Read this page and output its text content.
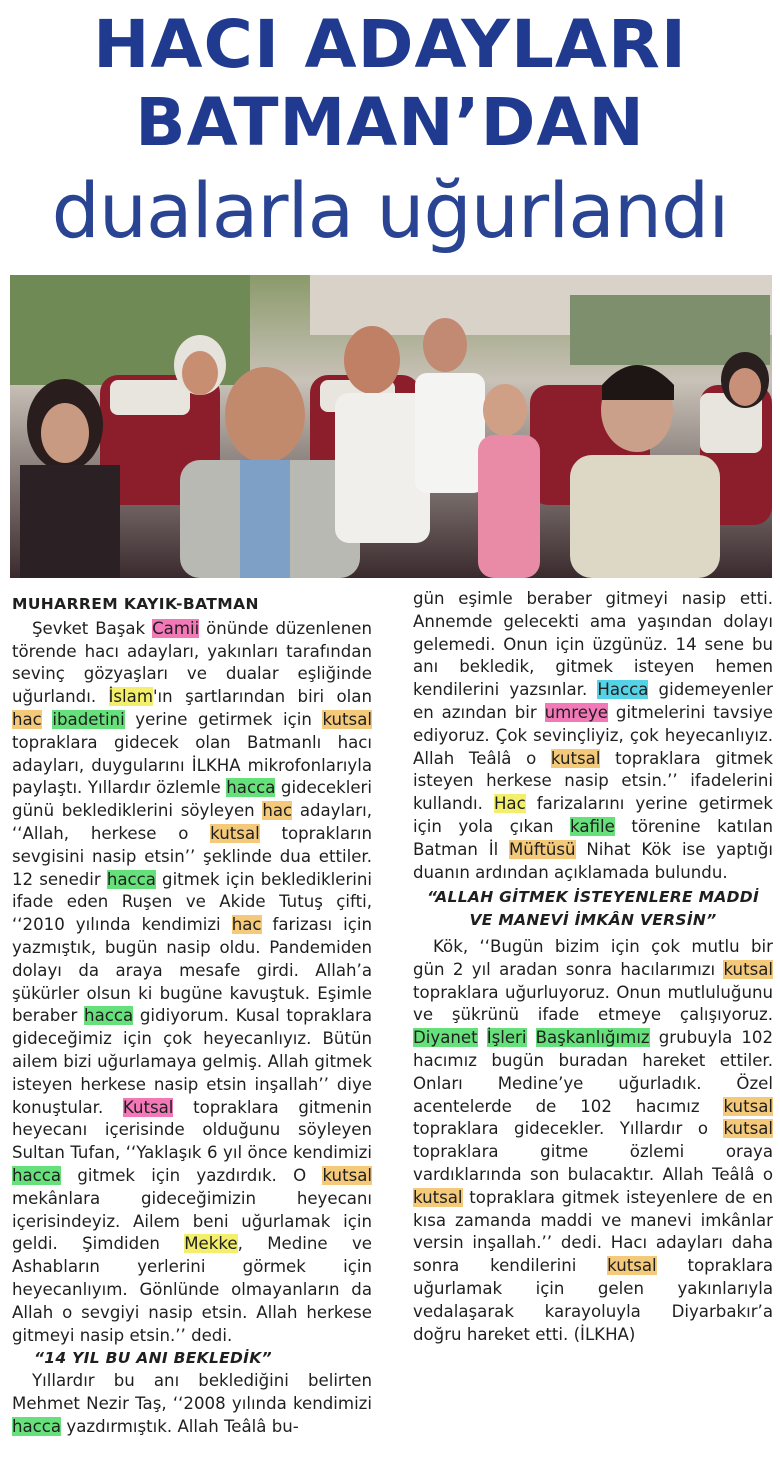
HACI ADAYLARI
BATMAN’DAN
dualarla uğurlandı

MUHARREM KAYIK-BATMAN

Şevket Başak Camii önünde düzenlenen törende hacı adayları, yakınları tarafından sevinç gözyaşları ve dualar eşliğinde uğurlandı. İslam'ın şartlarından biri olan hac ibadetini yerine getirmek için kutsal topraklara gidecek olan Batmanlı hacı adayları, duygularını İLKHA mikrofonlarıyla paylaştı. Yıllardır özlemle hacca gidecekleri günü beklediklerini söyleyen hac adayları, ‘‘Allah, herkese o kutsal toprakların sevgisini nasip etsin’’ şeklinde dua ettiler. 12 senedir hacca gitmek için beklediklerini ifade eden Ruşen ve Akide Tutuş çifti, ‘‘2010 yılında kendimizi hac farizası için yazmıştık, bugün nasip oldu. Pandemiden dolayı da araya mesafe girdi. Allah’a şükürler olsun ki bugüne kavuştuk. Eşimle beraber hacca gidiyorum. Kusal topraklara gideceğimiz için çok heyecanlıyız. Bütün ailem bizi uğurlamaya gelmiş. Allah gitmek isteyen herkese nasip etsin inşallah’’ diye konuştular. Kutsal topraklara gitmenin heyecanı içerisinde olduğunu söyleyen Sultan Tufan, ‘‘Yaklaşık 6 yıl önce kendimizi hacca gitmek için yazdırdık. O kutsal mekânlara gideceğimizin heyecanı içerisindeyiz. Ailem beni uğurlamak için geldi. Şimdiden Mekke, Medine ve Ashabların yerlerini görmek için heyecanlıyım. Gönlünde olmayanların da Allah o sevgiyi nasip etsin. Allah herkese gitmeyi nasip etsin.’’ dedi.

“14 YIL BU ANI BEKLEDİK”

Yıllardır bu anı beklediğini belirten Mehmet Nezir Taş, ‘‘2008 yılında kendimizi hacca yazdırmıştık. Allah Teâlâ bu-

gün eşimle beraber gitmeyi nasip etti. Annemde gelecekti ama yaşından dolayı gelemedi. Onun için üzgünüz. 14 sene bu anı bekledik, gitmek isteyen hemen kendilerini yazsınlar. Hacca gidemeyenler en azından bir umreye gitmelerini tavsiye ediyoruz. Çok sevinçliyiz, çok heyecanlıyız. Allah Teâlâ o kutsal topraklara gitmek isteyen herkese nasip etsin.’’ ifadelerini kullandı. Hac farizalarını yerine getirmek için yola çıkan kafile törenine katılan Batman İl Müftüsü Nihat Kök ise yaptığı duanın ardından açıklamada bulundu.

“ALLAH GİTMEK İSTEYENLERE MADDİ VE MANEVİ İMKÂN VERSİN”

Kök, ‘‘Bugün bizim için çok mutlu bir gün 2 yıl aradan sonra hacılarımızı kutsal topraklara uğurluyoruz. Onun mutluluğunu ve şükrünü ifade etmeye çalışıyoruz. Diyanet İşleri Başkanlığımız grubuyla 102 hacımız bugün buradan hareket ettiler. Onları Medine’ye uğurladık. Özel acentelerde de 102 hacımız kutsal topraklara gidecekler. Yıllardır o kutsal topraklara gitme özlemi oraya vardıklarında son bulacaktır. Allah Teâlâ o kutsal topraklara gitmek isteyenlere de en kısa zamanda maddi ve manevi imkânlar versin inşallah.’’ dedi. Hacı adayları daha sonra kendilerini kutsal topraklara uğurlamak için gelen yakınlarıyla vedalaşarak karayoluyla Diyarbakır’a doğru hareket etti. (İLKHA)
